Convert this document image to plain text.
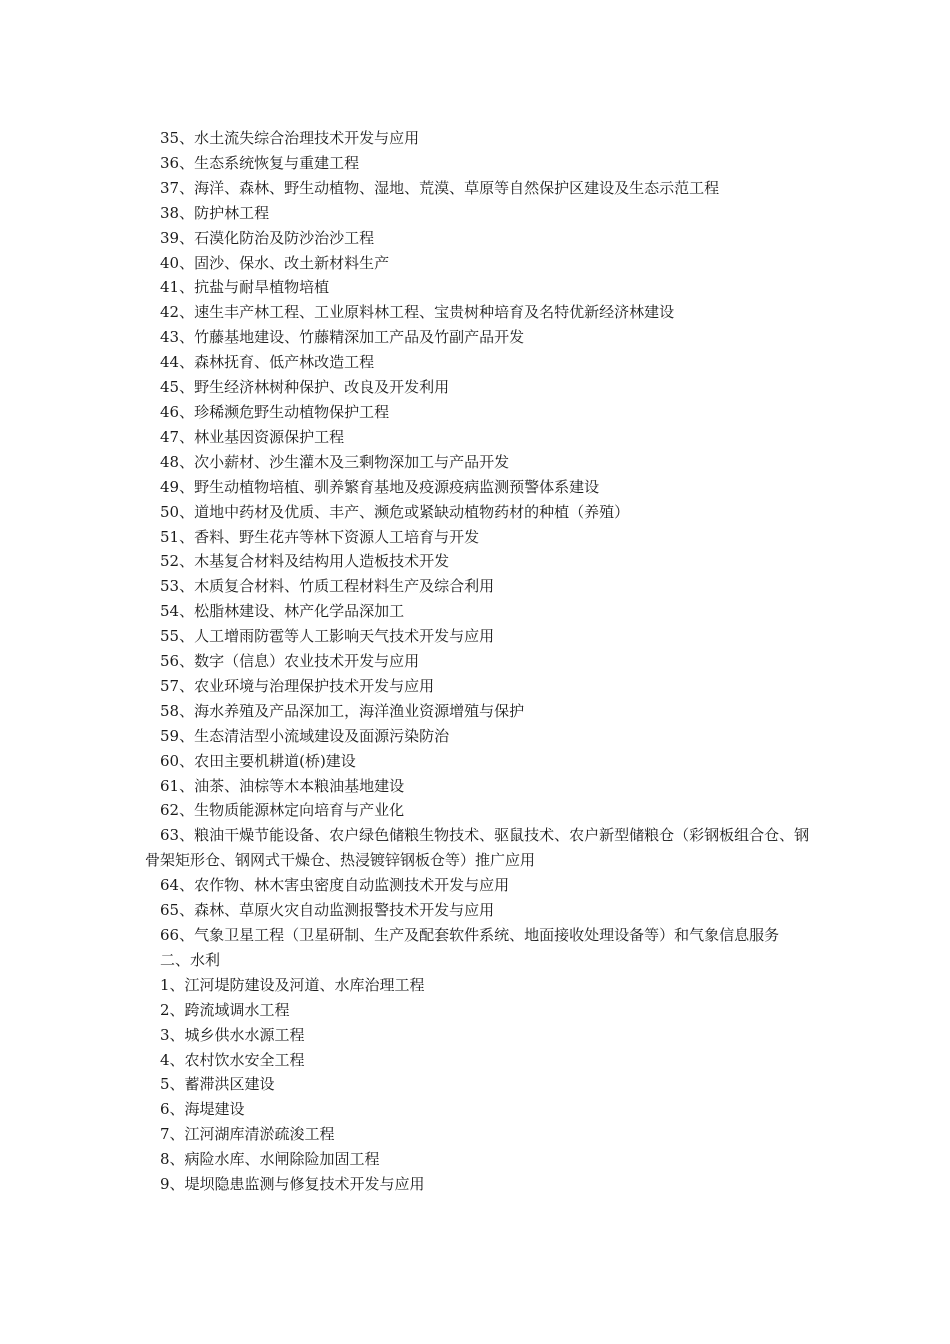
35、水土流失综合治理技术开发与应用
36、生态系统恢复与重建工程
37、海洋、森林、野生动植物、湿地、荒漠、草原等自然保护区建设及生态示范工程
38、防护林工程
39、石漠化防治及防沙治沙工程
40、固沙、保水、改土新材料生产
41、抗盐与耐旱植物培植
42、速生丰产林工程、工业原料林工程、宝贵树种培育及名特优新经济林建设
43、竹藤基地建设、竹藤精深加工产品及竹副产品开发
44、森林抚育、低产林改造工程
45、野生经济林树种保护、改良及开发利用
46、珍稀濒危野生动植物保护工程
47、林业基因资源保护工程
48、次小薪材、沙生灌木及三剩物深加工与产品开发
49、野生动植物培植、驯养繁育基地及疫源疫病监测预警体系建设
50、道地中药材及优质、丰产、濒危或紧缺动植物药材的种植（养殖）
51、香料、野生花卉等林下资源人工培育与开发
52、木基复合材料及结构用人造板技术开发
53、木质复合材料、竹质工程材料生产及综合利用
54、松脂林建设、林产化学品深加工
55、人工增雨防雹等人工影响天气技术开发与应用
56、数字（信息）农业技术开发与应用
57、农业环境与治理保护技术开发与应用
58、海水养殖及产品深加工，海洋渔业资源增殖与保护
59、生态清洁型小流域建设及面源污染防治
60、农田主要机耕道(桥)建设
61、油茶、油棕等木本粮油基地建设
62、生物质能源林定向培育与产业化
63、粮油干燥节能设备、农户绿色储粮生物技术、驱鼠技术、农户新型储粮仓（彩钢板组合仓、钢骨架矩形仓、钢网式干燥仓、热浸镀锌钢板仓等）推广应用
64、农作物、林木害虫密度自动监测技术开发与应用
65、森林、草原火灾自动监测报警技术开发与应用
66、气象卫星工程（卫星研制、生产及配套软件系统、地面接收处理设备等）和气象信息服务
二、水利
1、江河堤防建设及河道、水库治理工程
2、跨流域调水工程
3、城乡供水水源工程
4、农村饮水安全工程
5、蓄滞洪区建设
6、海堤建设
7、江河湖库清淤疏浚工程
8、病险水库、水闸除险加固工程
9、堤坝隐患监测与修复技术开发与应用
